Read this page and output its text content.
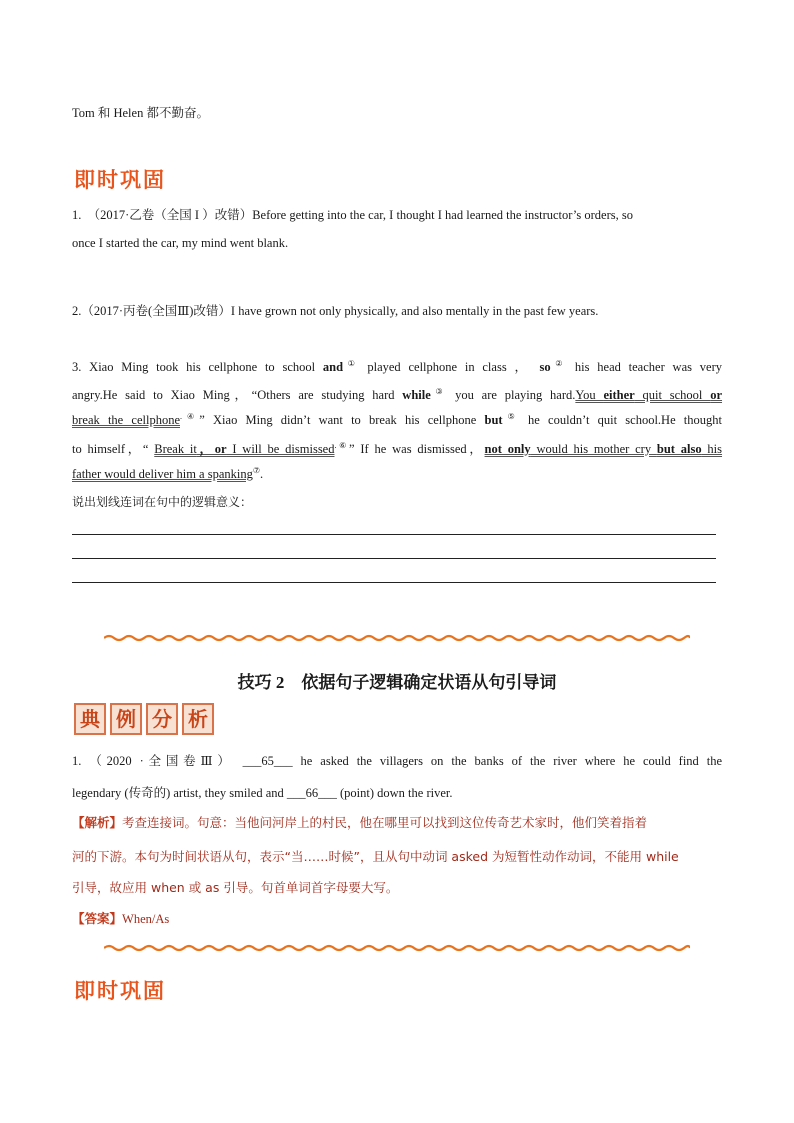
Tom 和 Helen 都不勤奋。
即 时 巩 固
1.　（2017·乙卷（全国 I ）改错）Before getting into the car, I thought I had learned the instructor’s orders, so
once I started the car, my mind went blank.
2.（2017·丙卷(全国Ⅲ)改错）I have grown not only physically, and also mentally in the past few years.
3. Xiao Ming took his cellphone to school and① played cellphone in class ， so② his head teacher was very
angry.He said to Xiao Ming，“Others are studying hard while③ you are playing hard.You either quit school or
break the cellphone.④” Xiao Ming didn’t want to break his cellphone but⑤ he couldn’t quit school.He thought
to himself，“ Break it，or I will be dismissed.⑥” If he was dismissed，not only would his mother cry but also his
father would deliver him a spanking⑦.
说出划线连词在句中的逻辑意义：
技巧 2　依据句子逻辑确定状语从句引导词
典 例 分 析
1. （2020 ·全国卷Ⅲ） ___65___ he asked the villagers on the banks of the river where he could find the
legendary (传奇的) artist, they smiled and ___66___ (point) down the river.
【解析】考查连接词。句意：当他问河岸上的村民，他在哪里可以找到这位传奇艺术家时，他们笑着指着
河的下游。本句为时间状语从句，表示“当……时候”，且从句中动词 asked 为短暂性动作动词，不能用 while
引导，故应用 when 或 as 引导。句首单词首字母要大写。
【答案】When/As
即 时 巩 固
